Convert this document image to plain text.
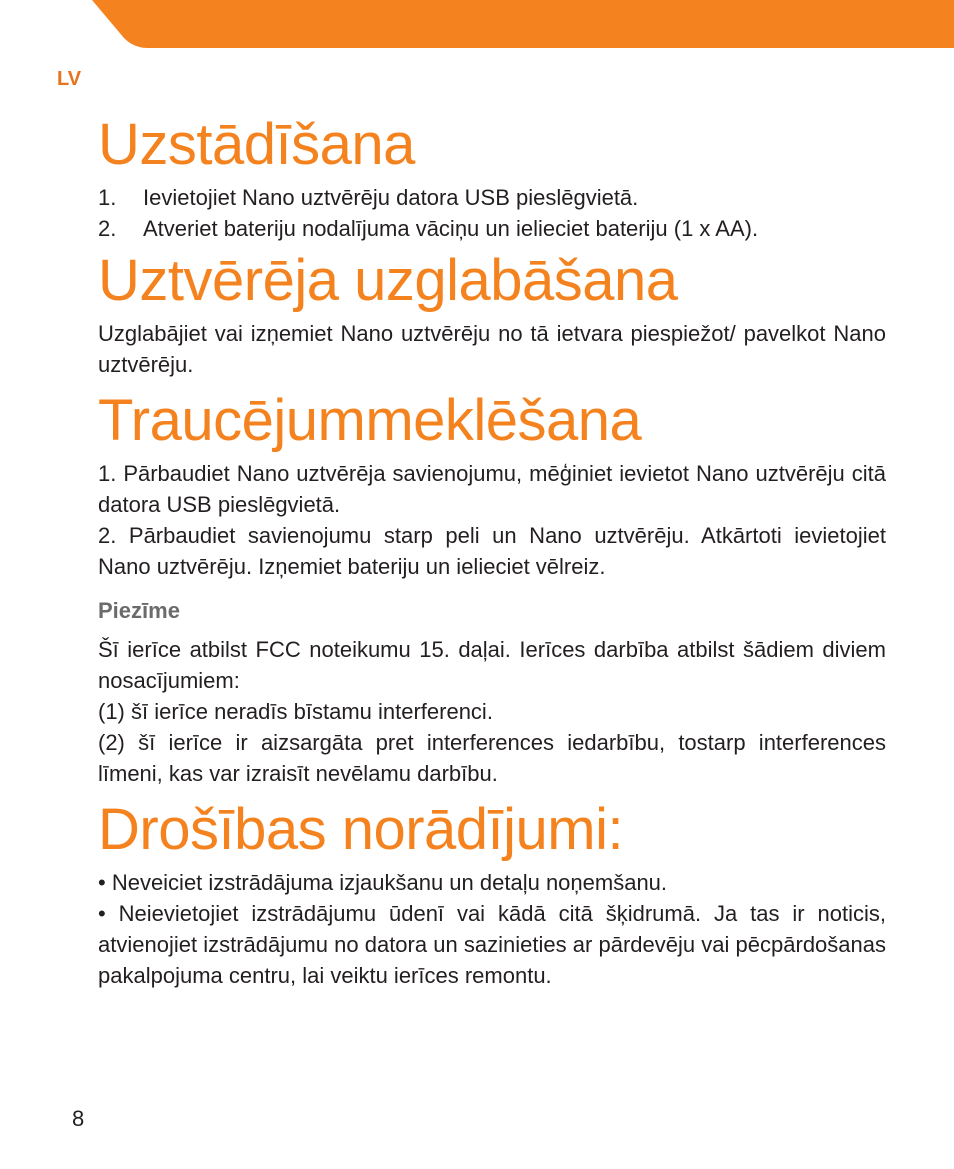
LV
Uzstādīšana
1.	Ievietojiet Nano uztvērēju datora USB pieslēgvietā.
2.	Atveriet bateriju nodalījuma vāciņu un ielieciet bateriju (1 x AA).
Uztvērēja uzglabāšana

Uzglabājiet vai izņemiet Nano uztvērēju no tā ietvara piespiežot/ pavelkot Nano uztvērēju.

Traucējummeklēšana

1. Pārbaudiet Nano uztvērēja savienojumu, mēģiniet ievietot Nano uztvērēju citā datora USB pieslēgvietā.

2. Pārbaudiet savienojumu starp peli un Nano uztvērēju. Atkārtoti ievietojiet Nano uztvērēju. Izņemiet bateriju un ielieciet vēlreiz.

Piezīme

Šī ierīce atbilst FCC noteikumu 15. daļai. Ierīces darbība atbilst šādiem diviem nosacījumiem:

(1) šī ierīce neradīs bīstamu interferenci.

(2) šī ierīce ir aizsargāta pret interferences iedarbību, tostarp interferences līmeni, kas var izraisīt nevēlamu darbību.

Drošības norādījumi:

• Neveiciet izstrādājuma izjaukšanu un detaļu noņemšanu.

• Neievietojiet izstrādājumu ūdenī vai kādā citā šķidrumā. Ja tas ir noticis, atvienojiet izstrādājumu no datora un sazinieties ar pārdevēju vai pēcpārdošanas pakalpojuma centru, lai veiktu ierīces remontu.

8
